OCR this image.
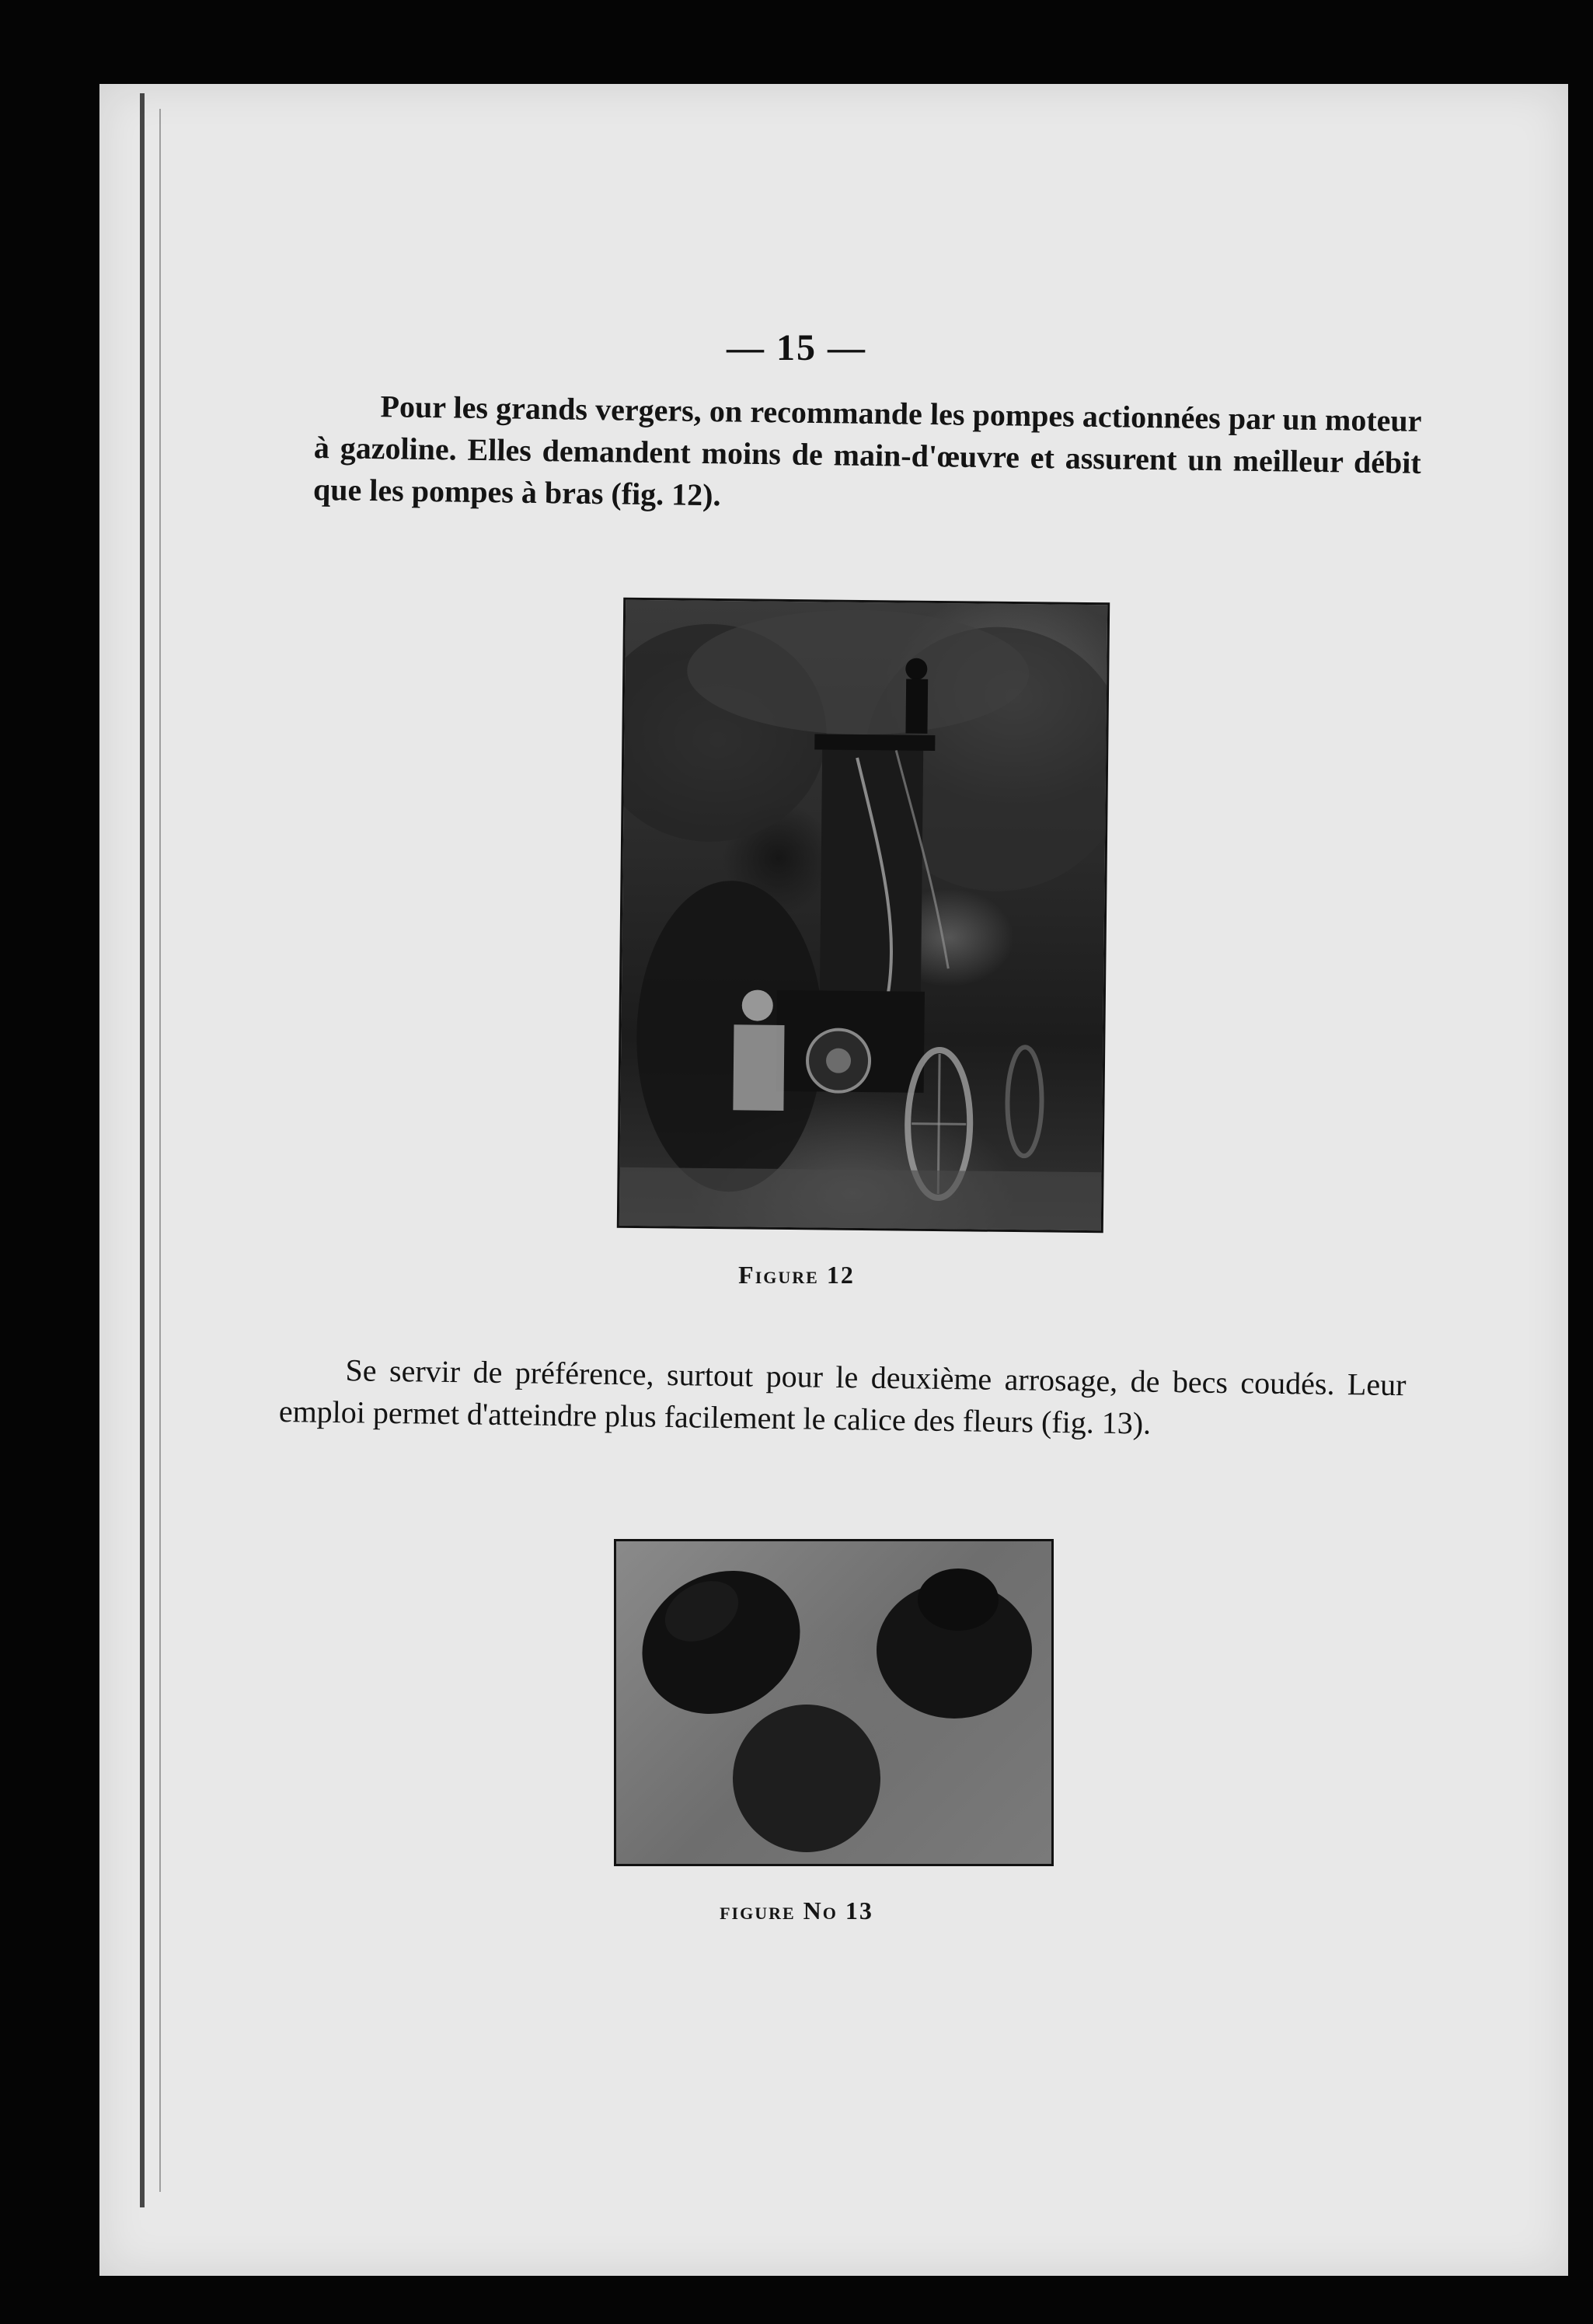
— 15 —
Pour les grands vergers, on recommande les pompes actionnées par un moteur à gazoline. Elles demandent moins de main-d'œuvre et assurent un meilleur débit que les pompes à bras (fig. 12).
Figure 12
Se servir de préférence, surtout pour le deuxième arrosage, de becs coudés. Leur emploi permet d'atteindre plus facilement le calice des fleurs (fig. 13).
figure No 13
